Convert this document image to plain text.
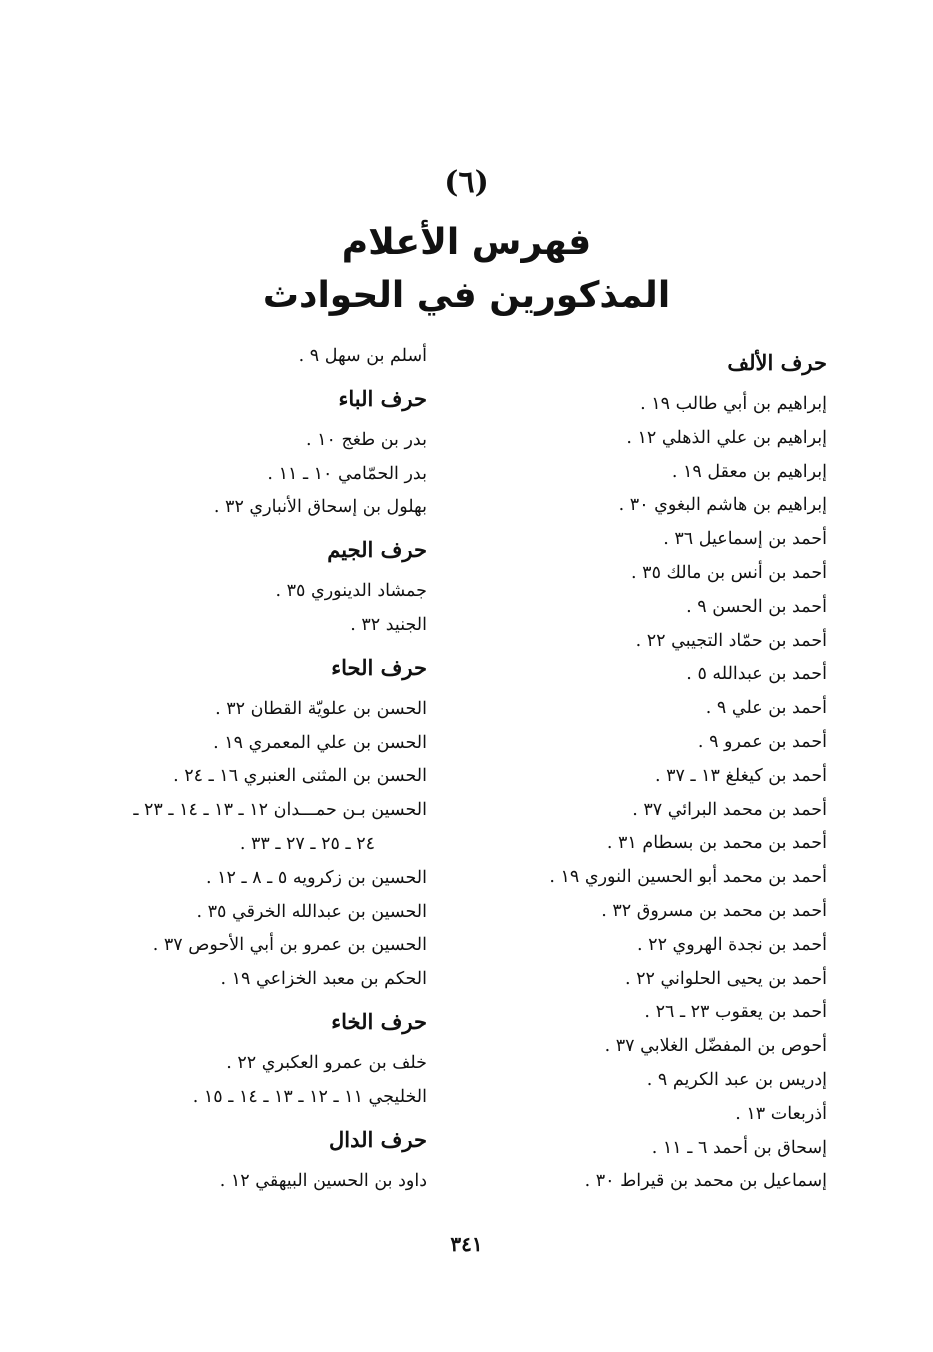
(٦)
فهرس الأعلام
المذكورين في الحوادث
حرف الألف
إبراهيم بن أبي طالب ١٩ .
إبراهيم بن علي الذهلي ١٢ .
إبراهيم بن معقل ١٩ .
إبراهيم بن هاشم البغوي ٣٠ .
أحمد بن إسماعيل ٣٦ .
أحمد بن أنس بن مالك ٣٥ .
أحمد بن الحسن ٩ .
أحمد بن حمّاد التجيبي ٢٢ .
أحمد بن عبدالله ٥ .
أحمد بن علي ٩ .
أحمد بن عمرو ٩ .
أحمد بن كيغلغ ١٣ ـ ٣٧ .
أحمد بن محمد البرائي ٣٧ .
أحمد بن محمد بن بسطام ٣١ .
أحمد بن محمد أبو الحسين النوري ١٩ .
أحمد بن محمد بن مسروق ٣٢ .
أحمد بن نجدة الهروي ٢٢ .
أحمد بن يحيى الحلواني ٢٢ .
أحمد بن يعقوب ٢٣ ـ ٢٦ .
أحوص بن المفضّل الغلابي ٣٧ .
إدريس بن عبد الكريم ٩ .
أذربعات ١٣ .
إسحاق بن أحمد ٦ ـ ١١ .
إسماعيل بن محمد بن قيراط ٣٠ .
أسلم بن سهل ٩ .
حرف الباء
بدر بن طغج ١٠ .
بدر الحمّامي ١٠ ـ ١١ .
بهلول بن إسحاق الأنباري ٣٢ .
حرف الجيم
جمشاد الدينوري ٣٥ .
الجنيد ٣٢ .
حرف الحاء
الحسن بن علويّة القطان ٣٢ .
الحسن بن علي المعمري ١٩ .
الحسن بن المثنى العنبري ١٦ ـ ٢٤ .
الحسين بـن حمـــدان ١٢ ـ ١٣ ـ ١٤ ـ ٢٣ ـ
٢٤ ـ ٢٥ ـ ٢٧ ـ ٣٣ .
الحسين بن زكرويه ٥ ـ ٨ ـ ١٢ .
الحسين بن عبدالله الخرقي ٣٥ .
الحسين بن عمرو بن أبي الأحوص ٣٧ .
الحكم بن معبد الخزاعي ١٩ .
حرف الخاء
خلف بن عمرو العكبري ٢٢ .
الخليجي ١١ ـ ١٢ ـ ١٣ ـ ١٤ ـ ١٥ .
حرف الدال
داود بن الحسين البيهقي ١٢ .
٣٤١
